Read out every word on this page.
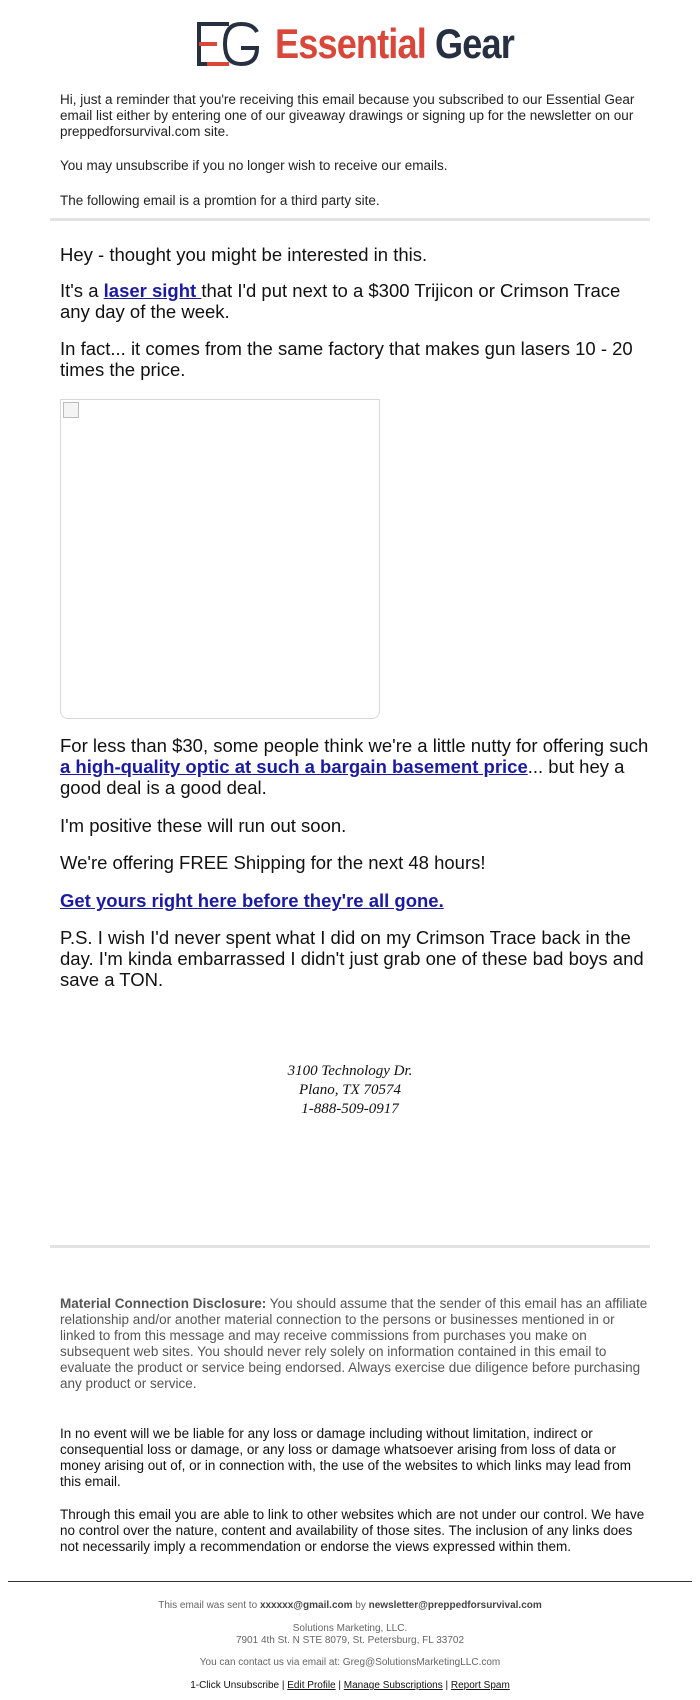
Essential Gear

Hi, just a reminder that you're receiving this email because you subscribed to our Essential Gear email list either by entering one of our giveaway drawings or signing up for the newsletter on our preppedforsurvival.com site.

You may unsubscribe if you no longer wish to receive our emails.

The following email is a promtion for a third party site.

Hey - thought you might be interested in this.

It's a laser sight that I'd put next to a $300 Trijicon or Crimson Trace any day of the week.

In fact... it comes from the same factory that makes gun lasers 10 - 20 times the price.

For less than $30, some people think we're a little nutty for offering such a high-quality optic at such a bargain basement price... but hey a good deal is a good deal.

I'm positive these will run out soon.

We're offering FREE Shipping for the next 48 hours!

Get yours right here before they're all gone.

P.S. I wish I'd never spent what I did on my Crimson Trace back in the day. I'm kinda embarrassed I didn't just grab one of these bad boys and save a TON.

3100 Technology Dr.
Plano, TX 70574
1-888-509-0917

Material Connection Disclosure: You should assume that the sender of this email has an affiliate relationship and/or another material connection to the persons or businesses mentioned in or linked to from this message and may receive commissions from purchases you make on subsequent web sites. You should never rely solely on information contained in this email to evaluate the product or service being endorsed. Always exercise due diligence before purchasing any product or service.

In no event will we be liable for any loss or damage including without limitation, indirect or consequential loss or damage, or any loss or damage whatsoever arising from loss of data or money arising out of, or in connection with, the use of the websites to which links may lead from this email.

Through this email you are able to link to other websites which are not under our control. We have no control over the nature, content and availability of those sites. The inclusion of any links does not necessarily imply a recommendation or endorse the views expressed within them.

This email was sent to xxxxxx@gmail.com by newsletter@preppedforsurvival.com
Solutions Marketing, LLC.
7901 4th St. N STE 8079, St. Petersburg, FL 33702
You can contact us via email at: Greg@SolutionsMarketingLLC.com
1-Click Unsubscribe | Edit Profile | Manage Subscriptions | Report Spam
